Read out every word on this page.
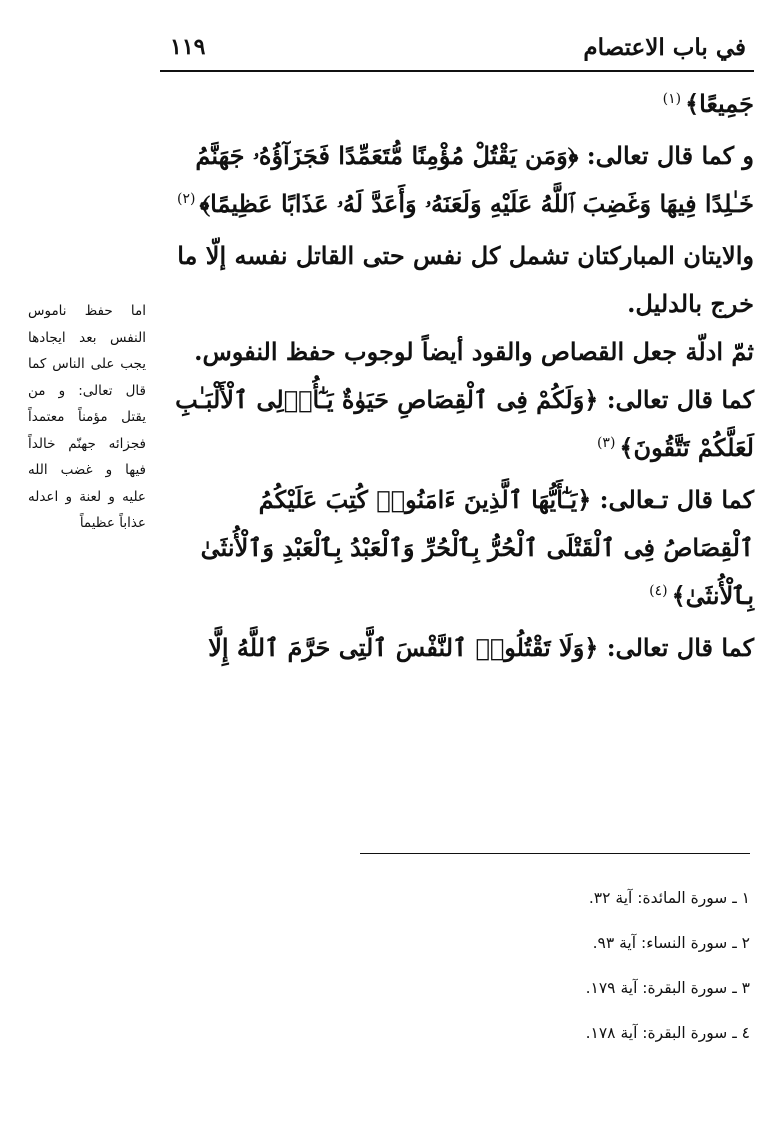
في باب الاعتصام
١١٩

جَمِيعًا﴾$^{(١)}$

و كما قال تعالى: ﴿وَمَن يَقْتُلْ مُؤْمِنًا مُّتَعَمِّدًا فَجَزَآؤُهُۥ جَهَنَّمُ خَـٰلِدًا فِيهَا وَغَضِبَ ٱللَّهُ عَلَيْهِ وَلَعَنَهُۥ وَأَعَدَّ لَهُۥ عَذَابًا عَظِيمًا﴾$^{(٢)}$

والايتان المباركتان تشمل كل نفس حتى القاتل نفسه إلّا ما خرج بالدليل.

ثمّ ادلّة جعل القصاص والقود أيضاً لوجوب حفظ النفوس.

كما قال تعالى: ﴿وَلَكُمْ فِى ٱلْقِصَاصِ حَيَوٰةٌ يَـٰٓأُو۟لِى ٱلْأَلْبَـٰبِ لَعَلَّكُمْ تَتَّقُونَ﴾$^{(٣)}$

كما قال تـعالى: ﴿يَـٰٓأَيُّهَا ٱلَّذِينَ ءَامَنُوا۟ كُتِبَ عَلَيْكُمُ ٱلْقِصَاصُ فِى ٱلْقَتْلَى ٱلْحُرُّ بِٱلْحُرِّ وَٱلْعَبْدُ بِٱلْعَبْدِ وَٱلْأُنثَىٰ بِٱلْأُنثَىٰ﴾$^{(٤)}$

كما قال تعالى: ﴿وَلَا تَقْتُلُوا۟ ٱلنَّفْسَ ٱلَّتِى حَرَّمَ ٱللَّهُ إِلَّا

اما حفظ ناموس النفس بعد ايجادها يجب على الناس كما قال تعالى: و من يقتل مؤمناً معتمداً فجزائه جهنّم خالداً فيها و غضب الله عليه و لعنة و اعدله عذاباً عظيماً
١ ـ سورة المائدة: آية ٣٢.
٢ ـ سورة النساء: آية ٩٣.
٣ ـ سورة البقرة: آية ١٧٩.
٤ ـ سورة البقرة: آية ١٧٨.
